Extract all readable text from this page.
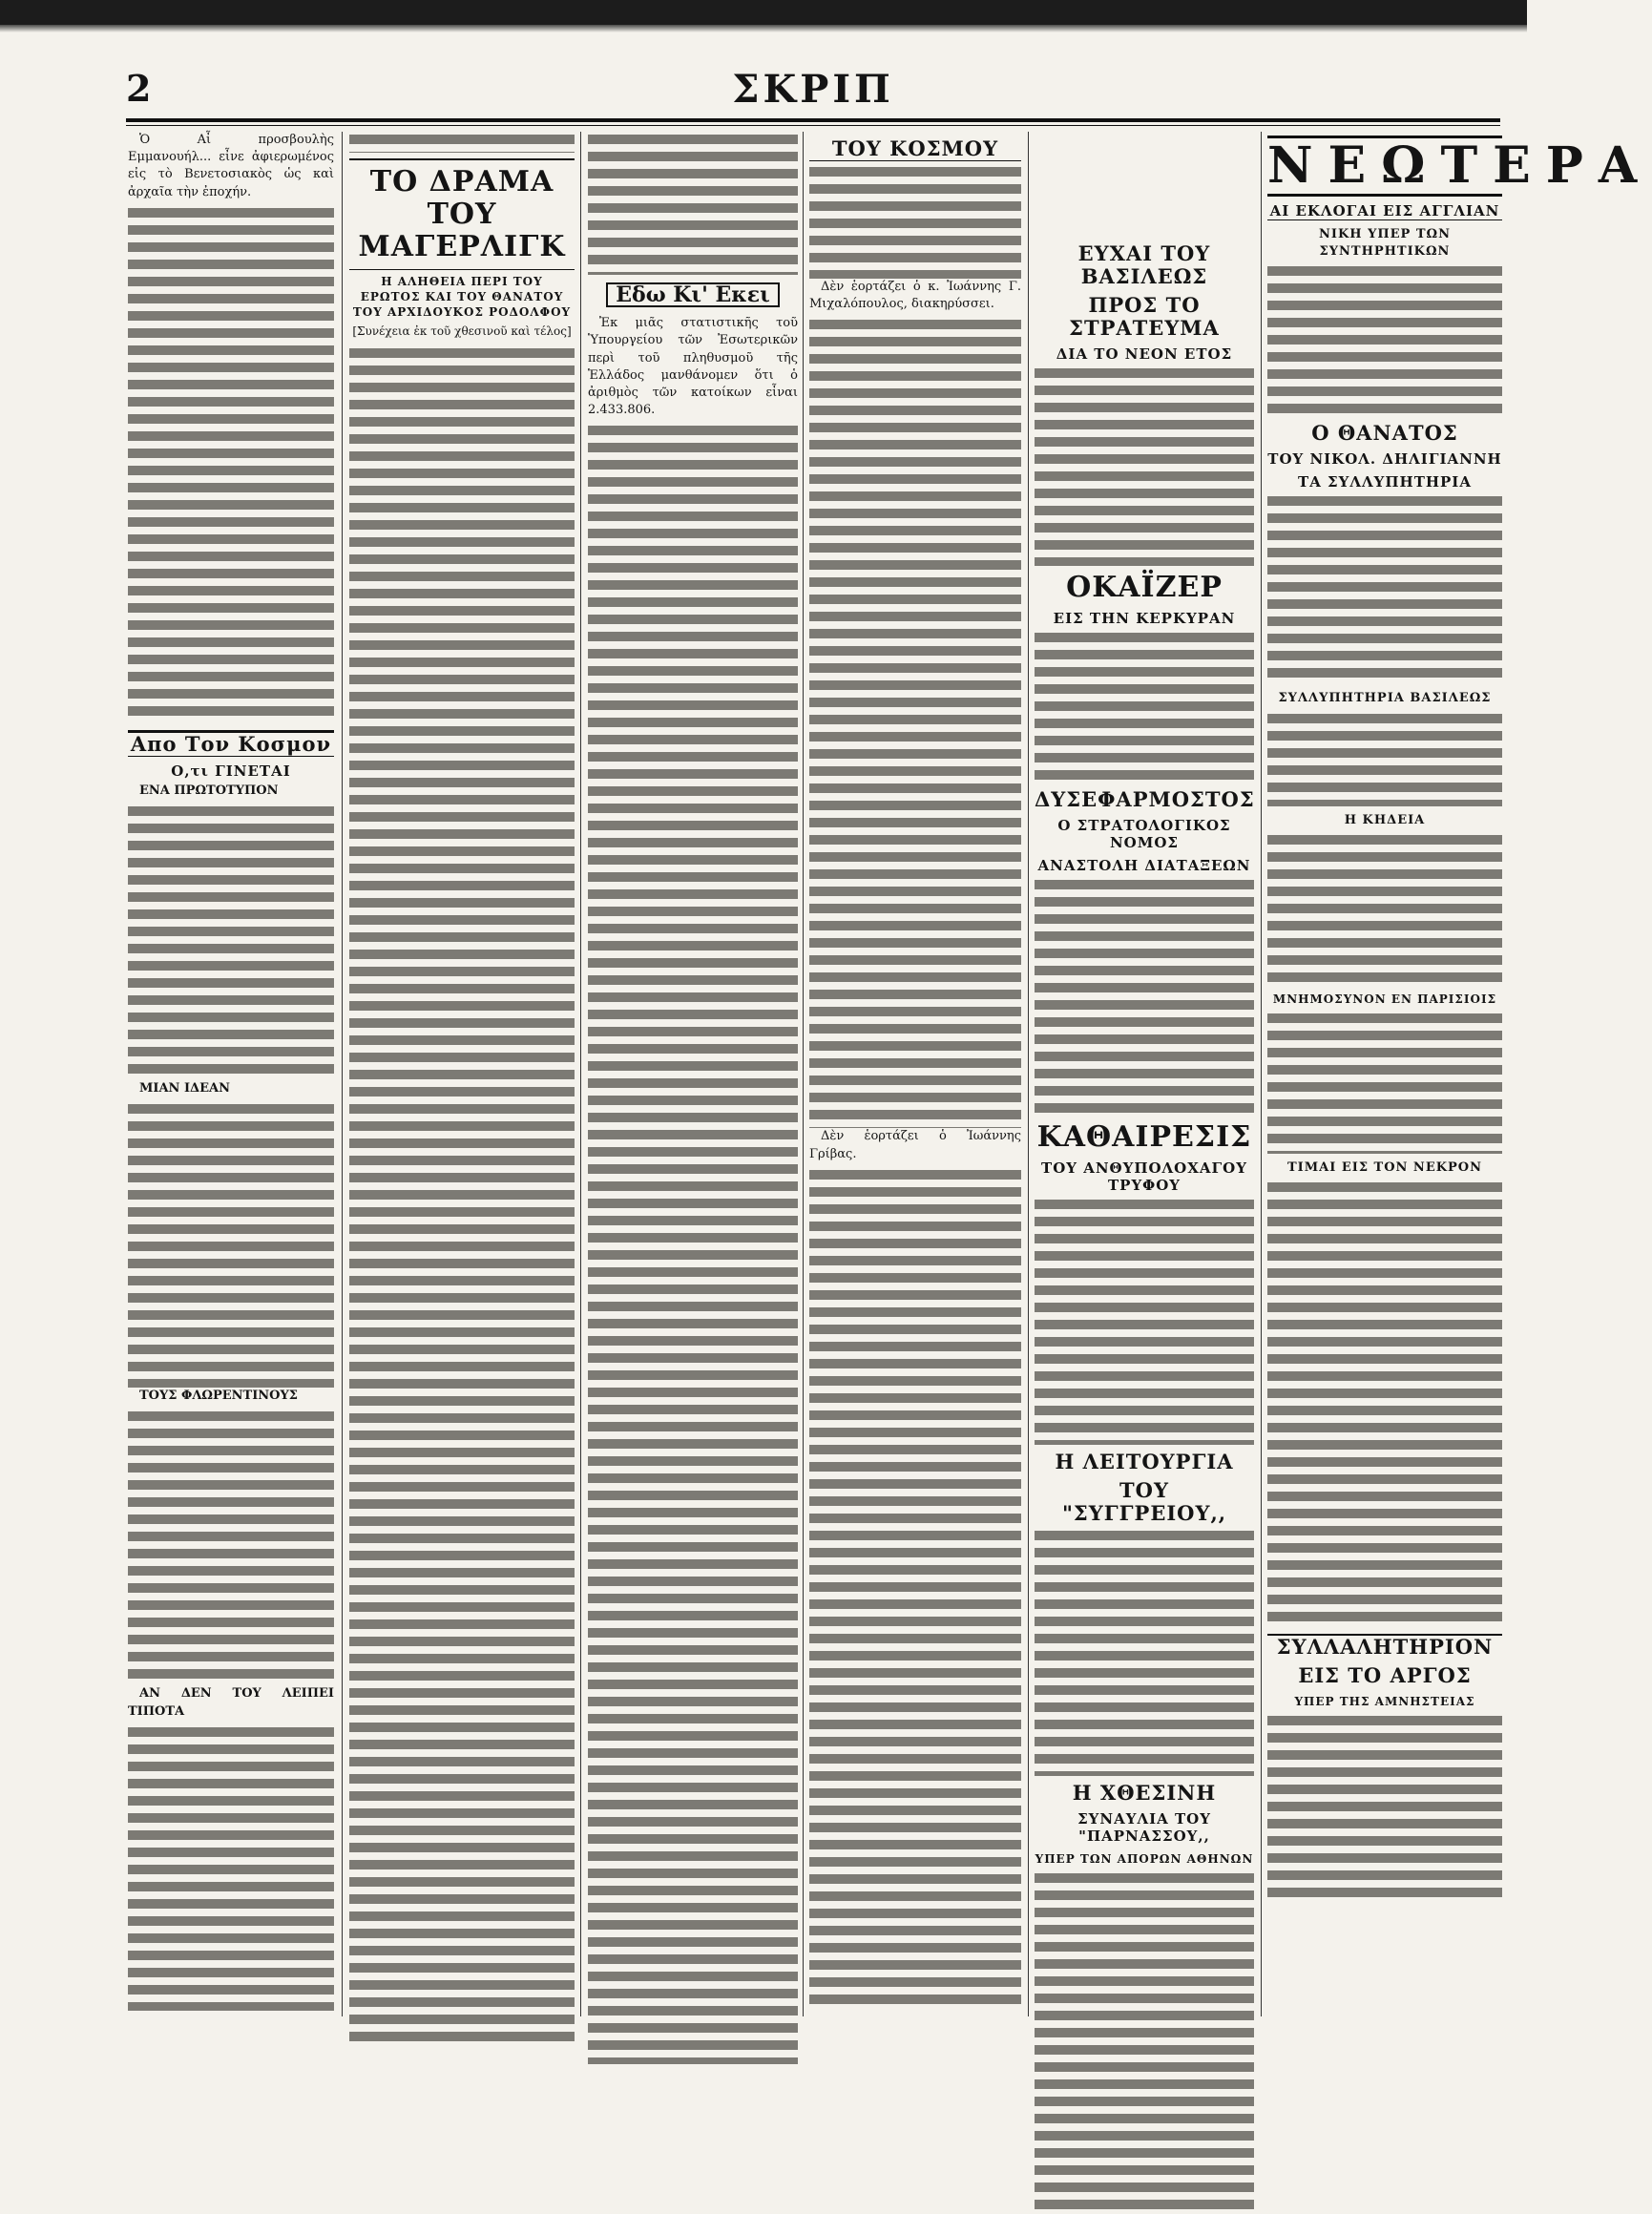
2	ΣΚΡΙΠ

Ὁ Αἶ προσβουλὴς Εμμανουήλ... εἶνε ἀφιερωμένος εἰς τὸ Βενετοσιακὸς ὡς καὶ ἀρχαῖα τὴν ἐποχήν.

Απο Τον Κοσμον
Ο,τι ΓΙΝΕΤΑΙ

ΕΝΑ ΠΡΩΤΟΤΥΠΟΝ

ΜΙΑΝ ΙΔΕΑΝ

ΤΟΥΣ ΦΛΩΡΕΝΤΙΝΟΥΣ

ΑΝ ΔΕΝ ΤΟΥ ΛΕΙΠΕΙ ΤΙΠΟΤΑ

ΤΟ ΔΡΑΜΑ ΤΟΥ ΜΑΓΕΡΛΙΓΚ
Η ΑΛΗΘΕΙΑ ΠΕΡΙ ΤΟΥ ΕΡΩΤΟΣ ΚΑΙ ΤΟΥ ΘΑΝΑΤΟΥ ΤΟΥ ΑΡΧΙΔΟΥΚΟΣ ΡΟΔΟΛΦΟΥ
[Συνέχεια ἐκ τοῦ χθεσινοῦ καὶ τέλος]
Εδω Κι' Εκει

Ἐκ μιᾶς στατιστικῆς τοῦ Ὑπουργείου τῶν Ἐσωτερικῶν περὶ τοῦ πληθυσμοῦ τῆς Ἑλλάδος μανθάνομεν ὅτι ὁ ἀριθμὸς τῶν κατοίκων εἶναι 2.433.806.

ΤΟΥ ΚΟΣΜΟΥ

Δὲν ἑορτάζει ὁ κ. Ἰωάννης Γ. Μιχαλόπουλος, διακηρύσσει.

Δὲν ἑορτάζει ὁ Ἰωάννης Γρίβας.

ΕΥΧΑΙ ΤΟΥ ΒΑΣΙΛΕΩΣ
ΠΡΟΣ ΤΟ ΣΤΡΑΤΕΥΜΑ
ΔΙΑ ΤΟ ΝΕΟΝ ΕΤΟΣ
ΟΚΑΪΖΕΡ
ΕΙΣ ΤΗΝ ΚΕΡΚΥΡΑΝ
ΔΥΣΕΦΑΡΜΟΣΤΟΣ
Ο ΣΤΡΑΤΟΛΟΓΙΚΟΣ ΝΟΜΟΣ
ΑΝΑΣΤΟΛΗ ΔΙΑΤΑΞΕΩΝ
ΚΑΘΑΙΡΕΣΙΣ
ΤΟΥ ΑΝΘΥΠΟΛΟΧΑΓΟΥ ΤΡΥΦΟΥ
Η ΛΕΙΤΟΥΡΓΙΑ
ΤΟΥ "ΣΥΓΓΡΕΙΟΥ,,
Η ΧΘΕΣΙΝΗ
ΣΥΝΑΥΛΙΑ ΤΟΥ "ΠΑΡΝΑΣΣΟΥ,,
ΥΠΕΡ ΤΩΝ ΑΠΟΡΩΝ ΑΘΗΝΩΝ
ΝΕΩΤΕΡΑ
ΑΙ ΕΚΛΟΓΑΙ ΕΙΣ ΑΓΓΛΙΑΝ
ΝΙΚΗ ΥΠΕΡ ΤΩΝ ΣΥΝΤΗΡΗΤΙΚΩΝ
Ο ΘΑΝΑΤΟΣ
ΤΟΥ ΝΙΚΟΛ. ΔΗΛΙΓΙΑΝΝΗ
ΤΑ ΣΥΛΛΥΠΗΤΗΡΙΑ
ΣΥΛΛΥΠΗΤΗΡΙΑ ΒΑΣΙΛΕΩΣ
Η ΚΗΔΕΙΑ
ΜΝΗΜΟΣΥΝΟΝ ΕΝ ΠΑΡΙΣΙΟΙΣ
ΤΙΜΑΙ ΕΙΣ ΤΟΝ ΝΕΚΡΟΝ
ΣΥΛΛΑΛΗΤΗΡΙΟΝ
ΕΙΣ ΤΟ ΑΡΓΟΣ
ΥΠΕΡ ΤΗΣ ΑΜΝΗΣΤΕΙΑΣ
